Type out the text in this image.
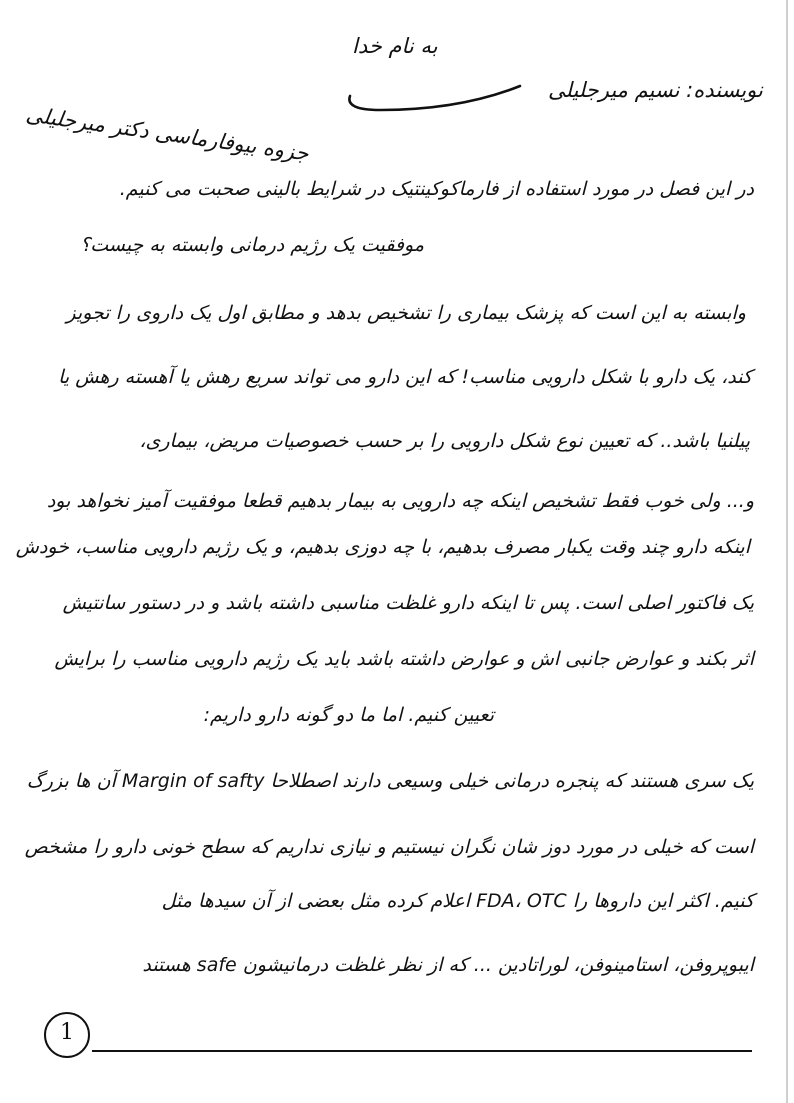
به نام خدا
نویسنده: نسیم میرجلیلی
جزوه بیوفارماسی دکتر میرجلیلی
در این فصل در مورد استفاده از فارماکوکینتیک در شرایط بالینی صحبت می کنیم.
موفقیت یک رژیم درمانی وابسته به چیست؟
وابسته به این است که پزشک بیماری را تشخیص بدهد و مطابق اول یک داروی را تجویز
کند، یک دارو با شکل دارویی مناسب! که این دارو می تواند سریع رهش یا آهسته رهش یا
پیلنیا باشد.. که تعیین نوع شکل دارویی را بر حسب خصوصیات مریض، بیماری،
و... ولی خوب فقط تشخیص اینکه چه دارویی به بیمار بدهیم قطعا موفقیت آمیز نخواهد بود
اینکه دارو چند وقت یکبار مصرف بدهیم، با چه دوزی بدهیم، و یک رژیم دارویی مناسب، خودش
یک فاکتور اصلی است. پس تا اینکه دارو غلظت مناسبی داشته باشد و در دستور سانتیش
اثر بکند و عوارض جانبی اش و عوارض داشته باشد باید یک رژیم دارویی مناسب را برایش
تعیین کنیم. اما ما دو گونه دارو داریم:
یک سری هستند که پنجره درمانی خیلی وسیعی دارند اصطلاحا Margin of safty آن ها بزرگ
است که خیلی در مورد دوز شان نگران نیستیم و نیازی نداریم که سطح خونی دارو را مشخص
کنیم. اکثر این داروها را FDA، OTC اعلام کرده مثل بعضی از آن سیدها مثل
ایبوپروفن، استامینوفن، لوراتادین ... که از نظر غلظت درمانیشون safe هستند
1
